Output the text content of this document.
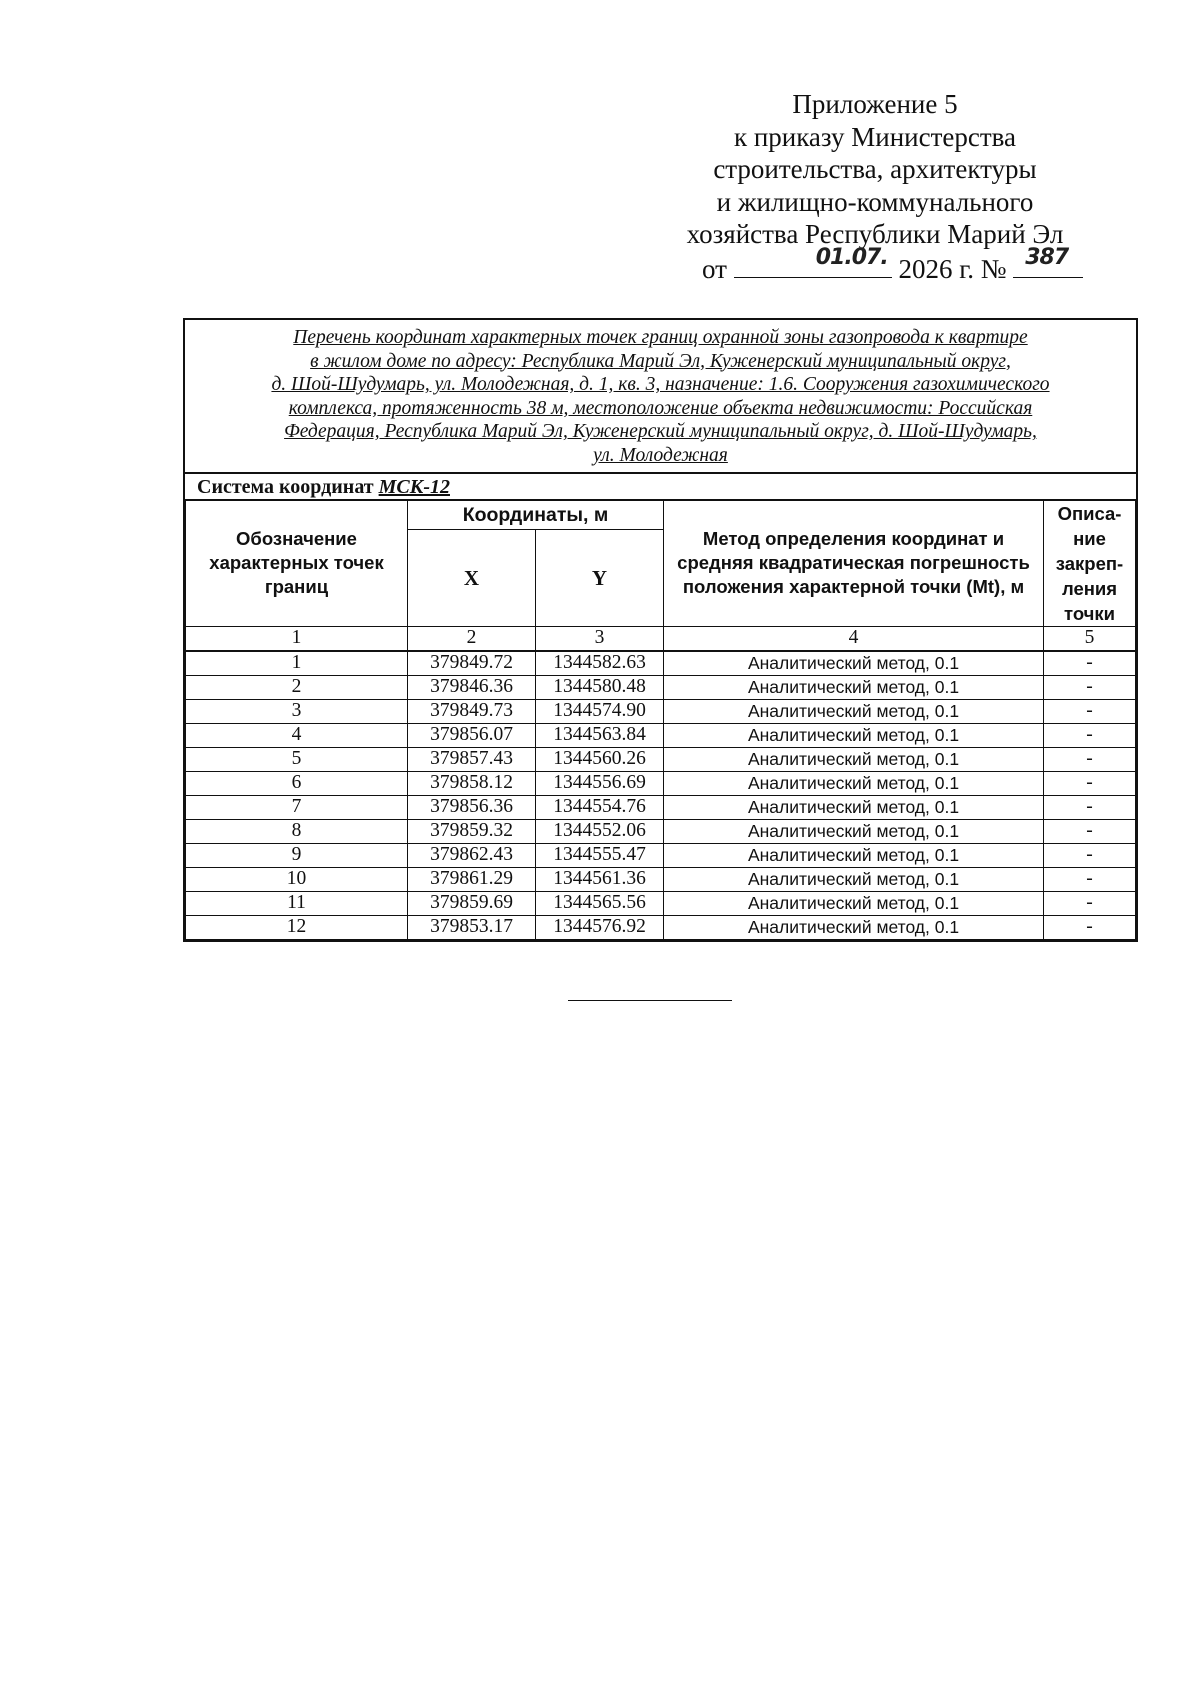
Приложение 5
к приказу Министерства
строительства, архитектуры
и жилищно-коммунального
хозяйства Республики Марий Эл
от	01.07. 2026 г. № 387
Перечень координат характерных точек границ охранной зоны газопровода к квартире
в жилом доме по адресу: Республика Марий Эл, Куженерский муниципальный округ,
д. Шой-Шудумарь, ул. Молодежная, д. 1, кв. 3, назначение: 1.6. Сооружения газохимического
комплекса, протяженность 38 м, местоположение объекта недвижимости: Российская
Федерация, Республика Марий Эл, Куженерский муниципальный округ, д. Шой-Шудумарь,
ул. Молодежная
Система координат МСК-12
Обозначение характерных точек границ	Координаты, м		Метод определения координат и средняя квадратическая погрешность положения характерной точки (Mt), м	Описа-
ние
закреп-
ления
точки

	X	Y		
1	2	3	4	5
1	379849.72	1344582.63	Аналитический метод, 0.1	-
2	379846.36	1344580.48	Аналитический метод, 0.1	-
3	379849.73	1344574.90	Аналитический метод, 0.1	-
4	379856.07	1344563.84	Аналитический метод, 0.1	-
5	379857.43	1344560.26	Аналитический метод, 0.1	-
6	379858.12	1344556.69	Аналитический метод, 0.1	-
7	379856.36	1344554.76	Аналитический метод, 0.1	-
8	379859.32	1344552.06	Аналитический метод, 0.1	-
9	379862.43	1344555.47	Аналитический метод, 0.1	-
10	379861.29	1344561.36	Аналитический метод, 0.1	-
11	379859.69	1344565.56	Аналитический метод, 0.1	-
12	379853.17	1344576.92	Аналитический метод, 0.1	-
